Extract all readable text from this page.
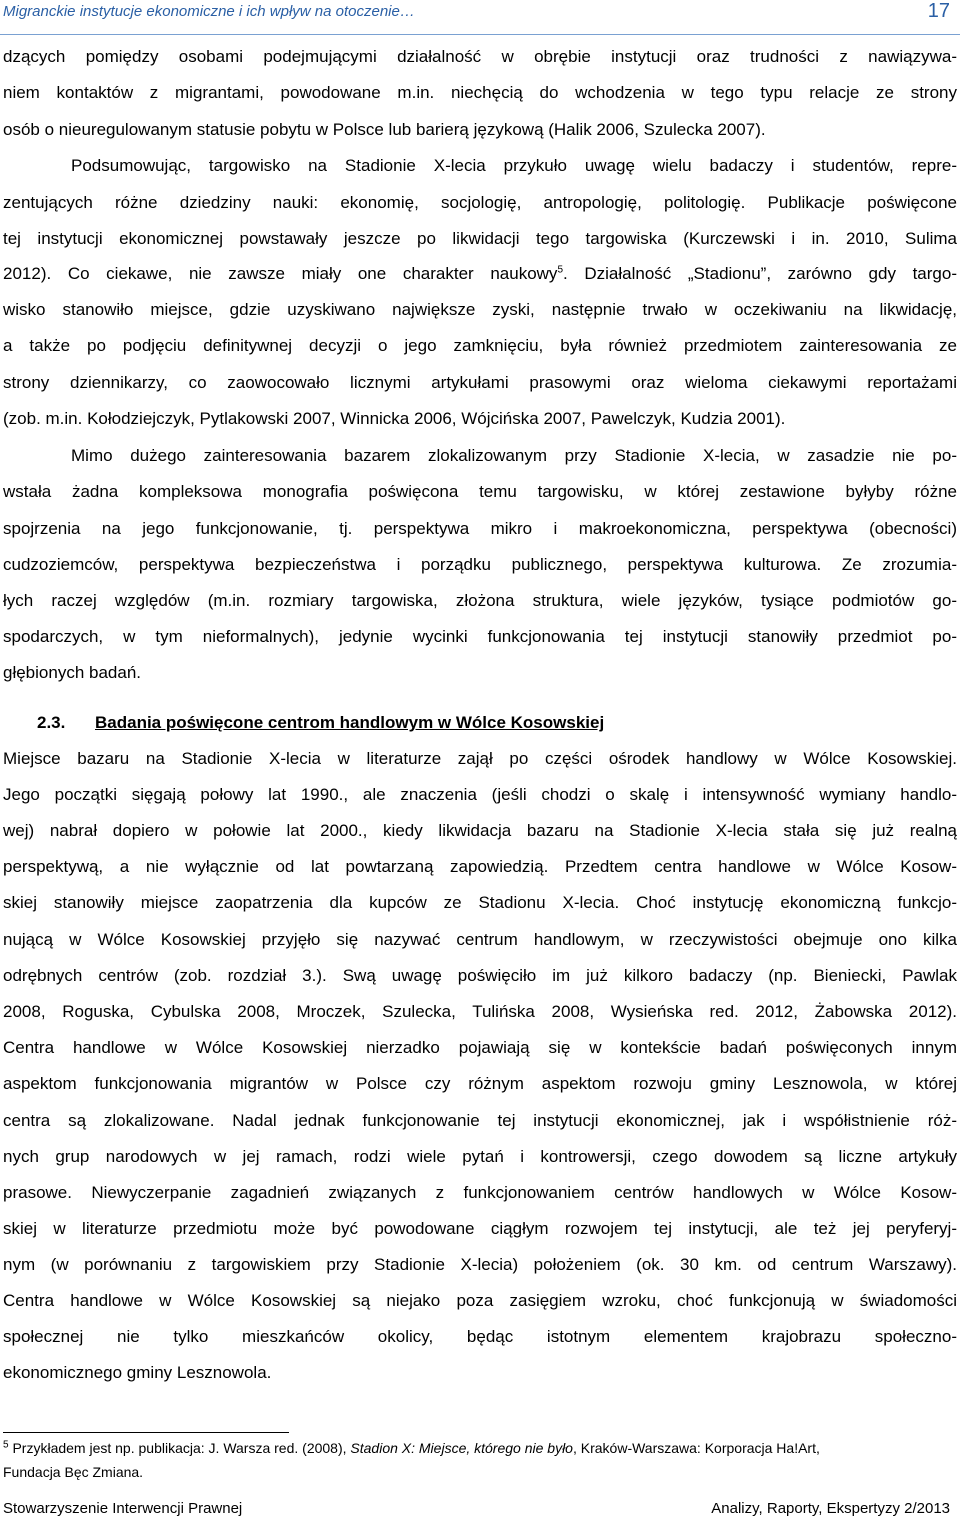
Migranckie instytucje ekonomiczne i ich wpływ na otoczenie…	17
dzących pomiędzy osobami podejmującymi działalność w obrębie instytucji oraz trudności z nawiązywa-
niem kontaktów z migrantami, powodowane m.in. niechęcią do wchodzenia w tego typu relacje ze strony
osób o nieuregulowanym statusie pobytu w Polsce lub barierą językową (Halik 2006, Szulecka 2007).
Podsumowując, targowisko na Stadionie X-lecia przykuło uwagę wielu badaczy i studentów, repre-
zentujących różne dziedziny nauki: ekonomię, socjologię, antropologię, politologię. Publikacje poświęcone
tej instytucji ekonomicznej powstawały jeszcze po likwidacji tego targowiska (Kurczewski i in. 2010, Sulima
2012). Co ciekawe, nie zawsze miały one charakter naukowy$^5$. Działalność „Stadionu”, zarówno gdy targo-
wisko stanowiło miejsce, gdzie uzyskiwano największe zyski, następnie trwało w oczekiwaniu na likwidację,
a także po podjęciu definitywnej decyzji o jego zamknięciu, była również przedmiotem zainteresowania ze
strony dziennikarzy, co zaowocowało licznymi artykułami prasowymi oraz wieloma ciekawymi reportażami
(zob. m.in. Kołodziejczyk, Pytlakowski 2007, Winnicka 2006, Wójcińska 2007, Pawelczyk, Kudzia 2001).
Mimo dużego zainteresowania bazarem zlokalizowanym przy Stadionie X-lecia, w zasadzie nie po-
wstała żadna kompleksowa monografia poświęcona temu targowisku, w której zestawione byłyby różne
spojrzenia na jego funkcjonowanie, tj. perspektywa mikro i makroekonomiczna, perspektywa (obecności)
cudzoziemców, perspektywa bezpieczeństwa i porządku publicznego, perspektywa kulturowa. Ze zrozumia-
łych raczej względów (m.in. rozmiary targowiska, złożona struktura, wiele języków, tysiące podmiotów go-
spodarczych, w tym nieformalnych), jedynie wycinki funkcjonowania tej instytucji stanowiły przedmiot po-
głębionych badań.
2.3. Badania poświęcone centrom handlowym w Wólce Kosowskiej
Miejsce bazaru na Stadionie X-lecia w literaturze zajął po części ośrodek handlowy w Wólce Kosowskiej.
Jego początki sięgają połowy lat 1990., ale znaczenia (jeśli chodzi o skalę i intensywność wymiany handlo-
wej) nabrał dopiero w połowie lat 2000., kiedy likwidacja bazaru na Stadionie X-lecia stała się już realną
perspektywą, a nie wyłącznie od lat powtarzaną zapowiedzią. Przedtem centra handlowe w Wólce Kosow-
skiej stanowiły miejsce zaopatrzenia dla kupców ze Stadionu X-lecia. Choć instytucję ekonomiczną funkcjo-
nującą w Wólce Kosowskiej przyjęło się nazywać centrum handlowym, w rzeczywistości obejmuje ono kilka
odrębnych centrów (zob. rozdział 3.). Swą uwagę poświęciło im już kilkoro badaczy (np. Bieniecki, Pawlak
2008, Roguska, Cybulska 2008, Mroczek, Szulecka, Tulińska 2008, Wysieńska red. 2012, Żabowska 2012).
Centra handlowe w Wólce Kosowskiej nierzadko pojawiają się w kontekście badań poświęconych innym
aspektom funkcjonowania migrantów w Polsce czy różnym aspektom rozwoju gminy Lesznowola, w której
centra są zlokalizowane. Nadal jednak funkcjonowanie tej instytucji ekonomicznej, jak i współistnienie róż-
nych grup narodowych w jej ramach, rodzi wiele pytań i kontrowersji, czego dowodem są liczne artykuły
prasowe. Niewyczerpanie zagadnień związanych z funkcjonowaniem centrów handlowych w Wólce Kosow-
skiej w literaturze przedmiotu może być powodowane ciągłym rozwojem tej instytucji, ale też jej peryferyj-
nym (w porównaniu z targowiskiem przy Stadionie X-lecia) położeniem (ok. 30 km. od centrum Warszawy).
Centra handlowe w Wólce Kosowskiej są niejako poza zasięgiem wzroku, choć funkcjonują w świadomości
społecznej nie tylko mieszkańców okolicy, będąc istotnym elementem krajobrazu społeczno-
ekonomicznego gminy Lesznowola.
$^5$ Przykładem jest np. publikacja: J. Warsza red. (2008), Stadion X: Miejsce, którego nie było, Kraków-Warszawa: Korporacja Ha!Art,
Fundacja Bęc Zmiana.
Stowarzyszenie Interwencji Prawnej	Analizy, Raporty, Ekspertyzy 2/2013
